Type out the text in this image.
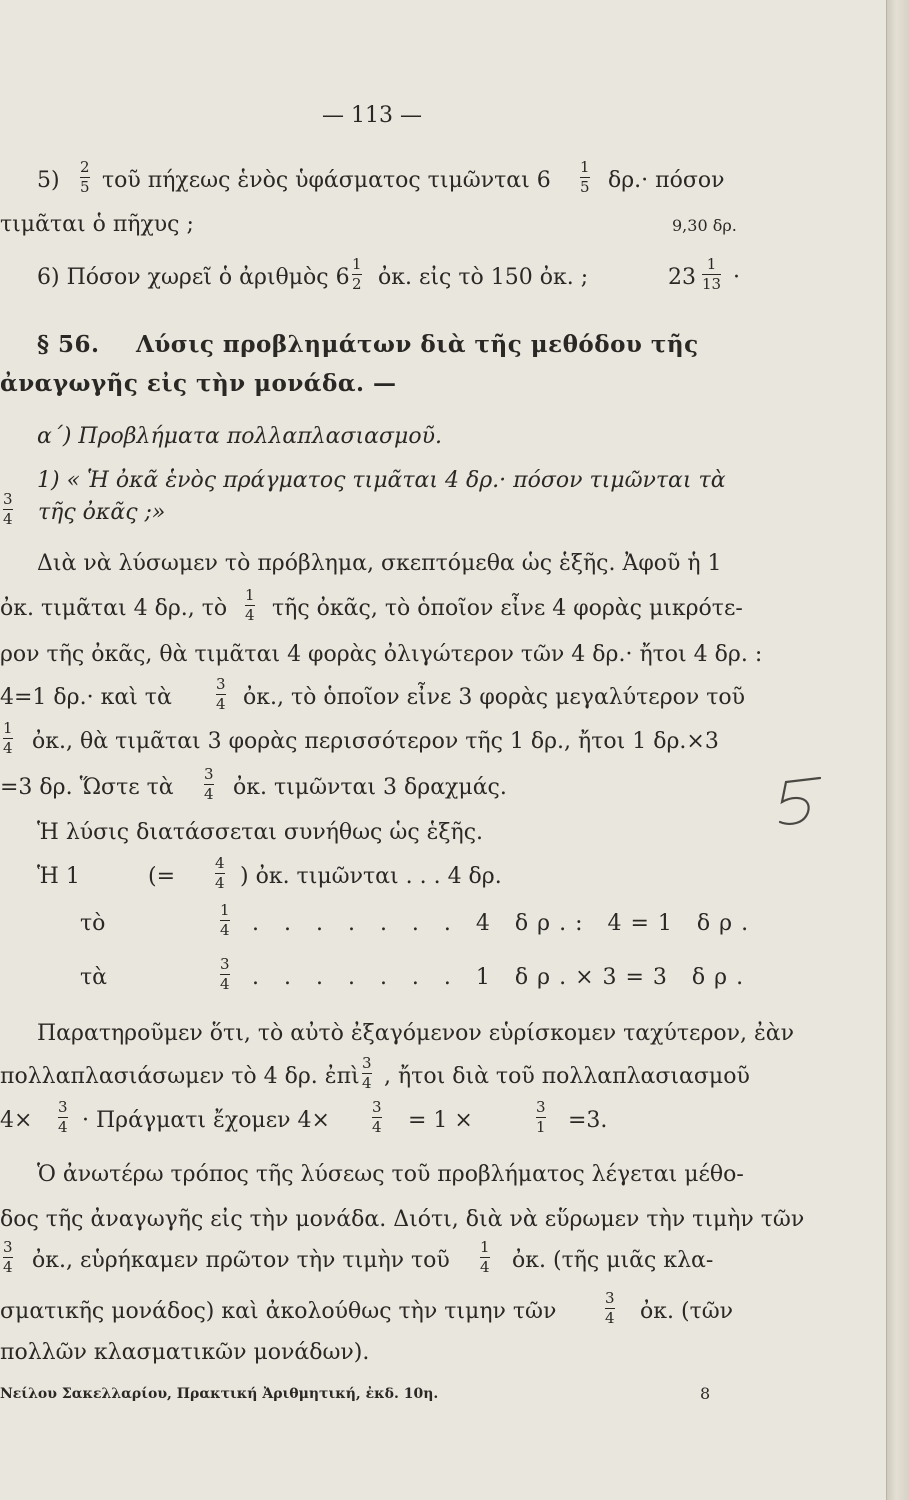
— 113 —
$5) \frac{2}{5}$ τοῦ πήχεως ἑνὸς ὑφάσματος τιμῶνται $6 \frac{1}{5} \delta\rho.\cdot \pi ό\sigma o\nu$
τιμᾶται ὁ πῆχυς ;	9,30 δρ.
6) Πόσον χωρεῖ ὁ ἀριθμὸς $6 \frac{1}{2}$ ὀκ. εἰς τὸ 150 ὀκ. ;	$23 \frac{1}{13}$ ·
§ 56. Λύσις προβλημάτων διὰ τῆς μεθόδου τῆς
ἀναγωγῆς εἰς τὴν μονάδα. —
α΄) Προβλήματα πολλαπλασιασμοῦ.
1) « Ἡ ὀκᾶ ἑνὸς πράγματος τιμᾶται 4 δρ.· πόσον τιμῶνται τὰ
$\frac{3}{4}$ τῆς ὀκᾶς ;»
Διὰ νὰ λύσωμεν τὸ πρόβλημα, σκεπτόμεθα ὡς ἑξῆς. Ἀφοῦ ἡ 1
ὀκ. τιμᾶται 4 δρ., τὸ $\frac{1}{4}$ τῆς ὀκᾶς, τὸ ὁποῖον εἶνε 4 φορὰς μικρότε-
ρον τῆς ὀκᾶς, θὰ τιμᾶται 4 φορὰς ὀλιγώτερον τῶν 4 δρ.· ἤτοι 4 δρ. :
4=1 δρ.· καὶ τὰ	$\frac{3}{4}$ ὀκ., τὸ ὁποῖον εἶνε 3 φορὰς μεγαλύτερον τοῦ
$\frac{1}{4}$ ὀκ., θὰ τιμᾶται 3 φορὰς περισσότερον τῆς 1 δρ., ἤτοι 1 δρ.×3
=3 δρ. Ὥστε τὰ $\frac{3}{4}$ ὀκ. τιμῶνται 3 δραχμάς.
Ἡ λύσις διατάσσεται συνήθως ὡς ἑξῆς.
Ἡ 1	(=	$\frac{4}{4}$ ) ὀκ. τιμῶνται . . . 4 δρ.
τὸ	$\frac{1}{4}$ . . . . . . . 4 δρ.: 4=1 δρ.
τὰ	$\frac{3}{4}$ . . . . . . . 1 δρ.×3=3 δρ.
Παρατηροῦμεν ὅτι, τὸ αὐτὸ ἐξαγόμενον εὑρίσκομεν ταχύτερον, ἐὰν
πολλαπλασιάσωμεν τὸ 4 δρ. ἐπὶ $\frac{3}{4}$ , ἤτοι διὰ τοῦ πολλαπλασιασμοῦ
$4\times \frac{3}{4} \cdot \Pi\rho ά\gamma\mu\alpha\tau\iota$ ἔχομεν 4×	$\frac{3}{4} = 1$ ×	$\frac{3}{1} =3$.
Ὁ ἀνωτέρω τρόπος τῆς λύσεως τοῦ προβλήματος λέγεται μέθο-
δος τῆς ἀναγωγῆς εἰς τὴν μονάδα. Διότι, διὰ νὰ εὕρωμεν τὴν τιμὴν τῶν
$\frac{3}{4}$ ὀκ., εὑρήκαμεν πρῶτον τὴν τιμὴν τοῦ $\frac{1}{4}$ ὀκ. (τῆς μιᾶς κλα-
σματικῆς μονάδος) καὶ ἀκολούθως τὴν τιμην τῶν	$\frac{3}{4}$ ὀκ. (τῶν
πολλῶν κλασματικῶν μονάδων).
Νείλου Σακελλαρίου, Πρακτική Ἀριθμητική, ἐκδ. 10η.	8
